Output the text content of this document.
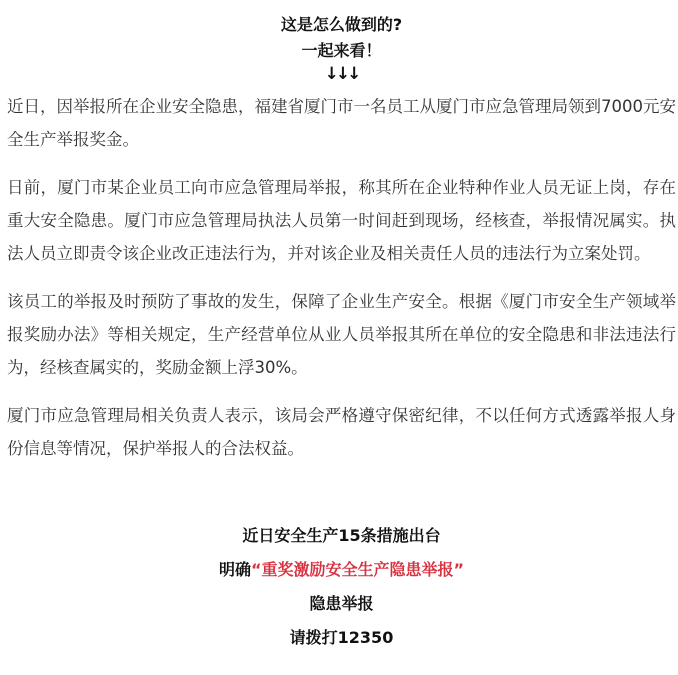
这是怎么做到的?
一起来看！
↓↓↓

近日，因举报所在企业安全隐患，福建省厦门市一名员工从厦门市应急管理局领到7000元安全生产举报奖金。

日前，厦门市某企业员工向市应急管理局举报，称其所在企业特种作业人员无证上岗，存在重大安全隐患。厦门市应急管理局执法人员第一时间赶到现场，经核查，举报情况属实。执法人员立即责令该企业改正违法行为，并对该企业及相关责任人员的违法行为立案处罚。

该员工的举报及时预防了事故的发生，保障了企业生产安全。根据《厦门市安全生产领域举报奖励办法》等相关规定，生产经营单位从业人员举报其所在单位的安全隐患和非法违法行为，经核查属实的，奖励金额上浮30%。

厦门市应急管理局相关负责人表示，该局会严格遵守保密纪律，不以任何方式透露举报人身份信息等情况，保护举报人的合法权益。

近日安全生产15条措施出台
明确“重奖激励安全生产隐患举报”
隐患举报
请拨打12350
